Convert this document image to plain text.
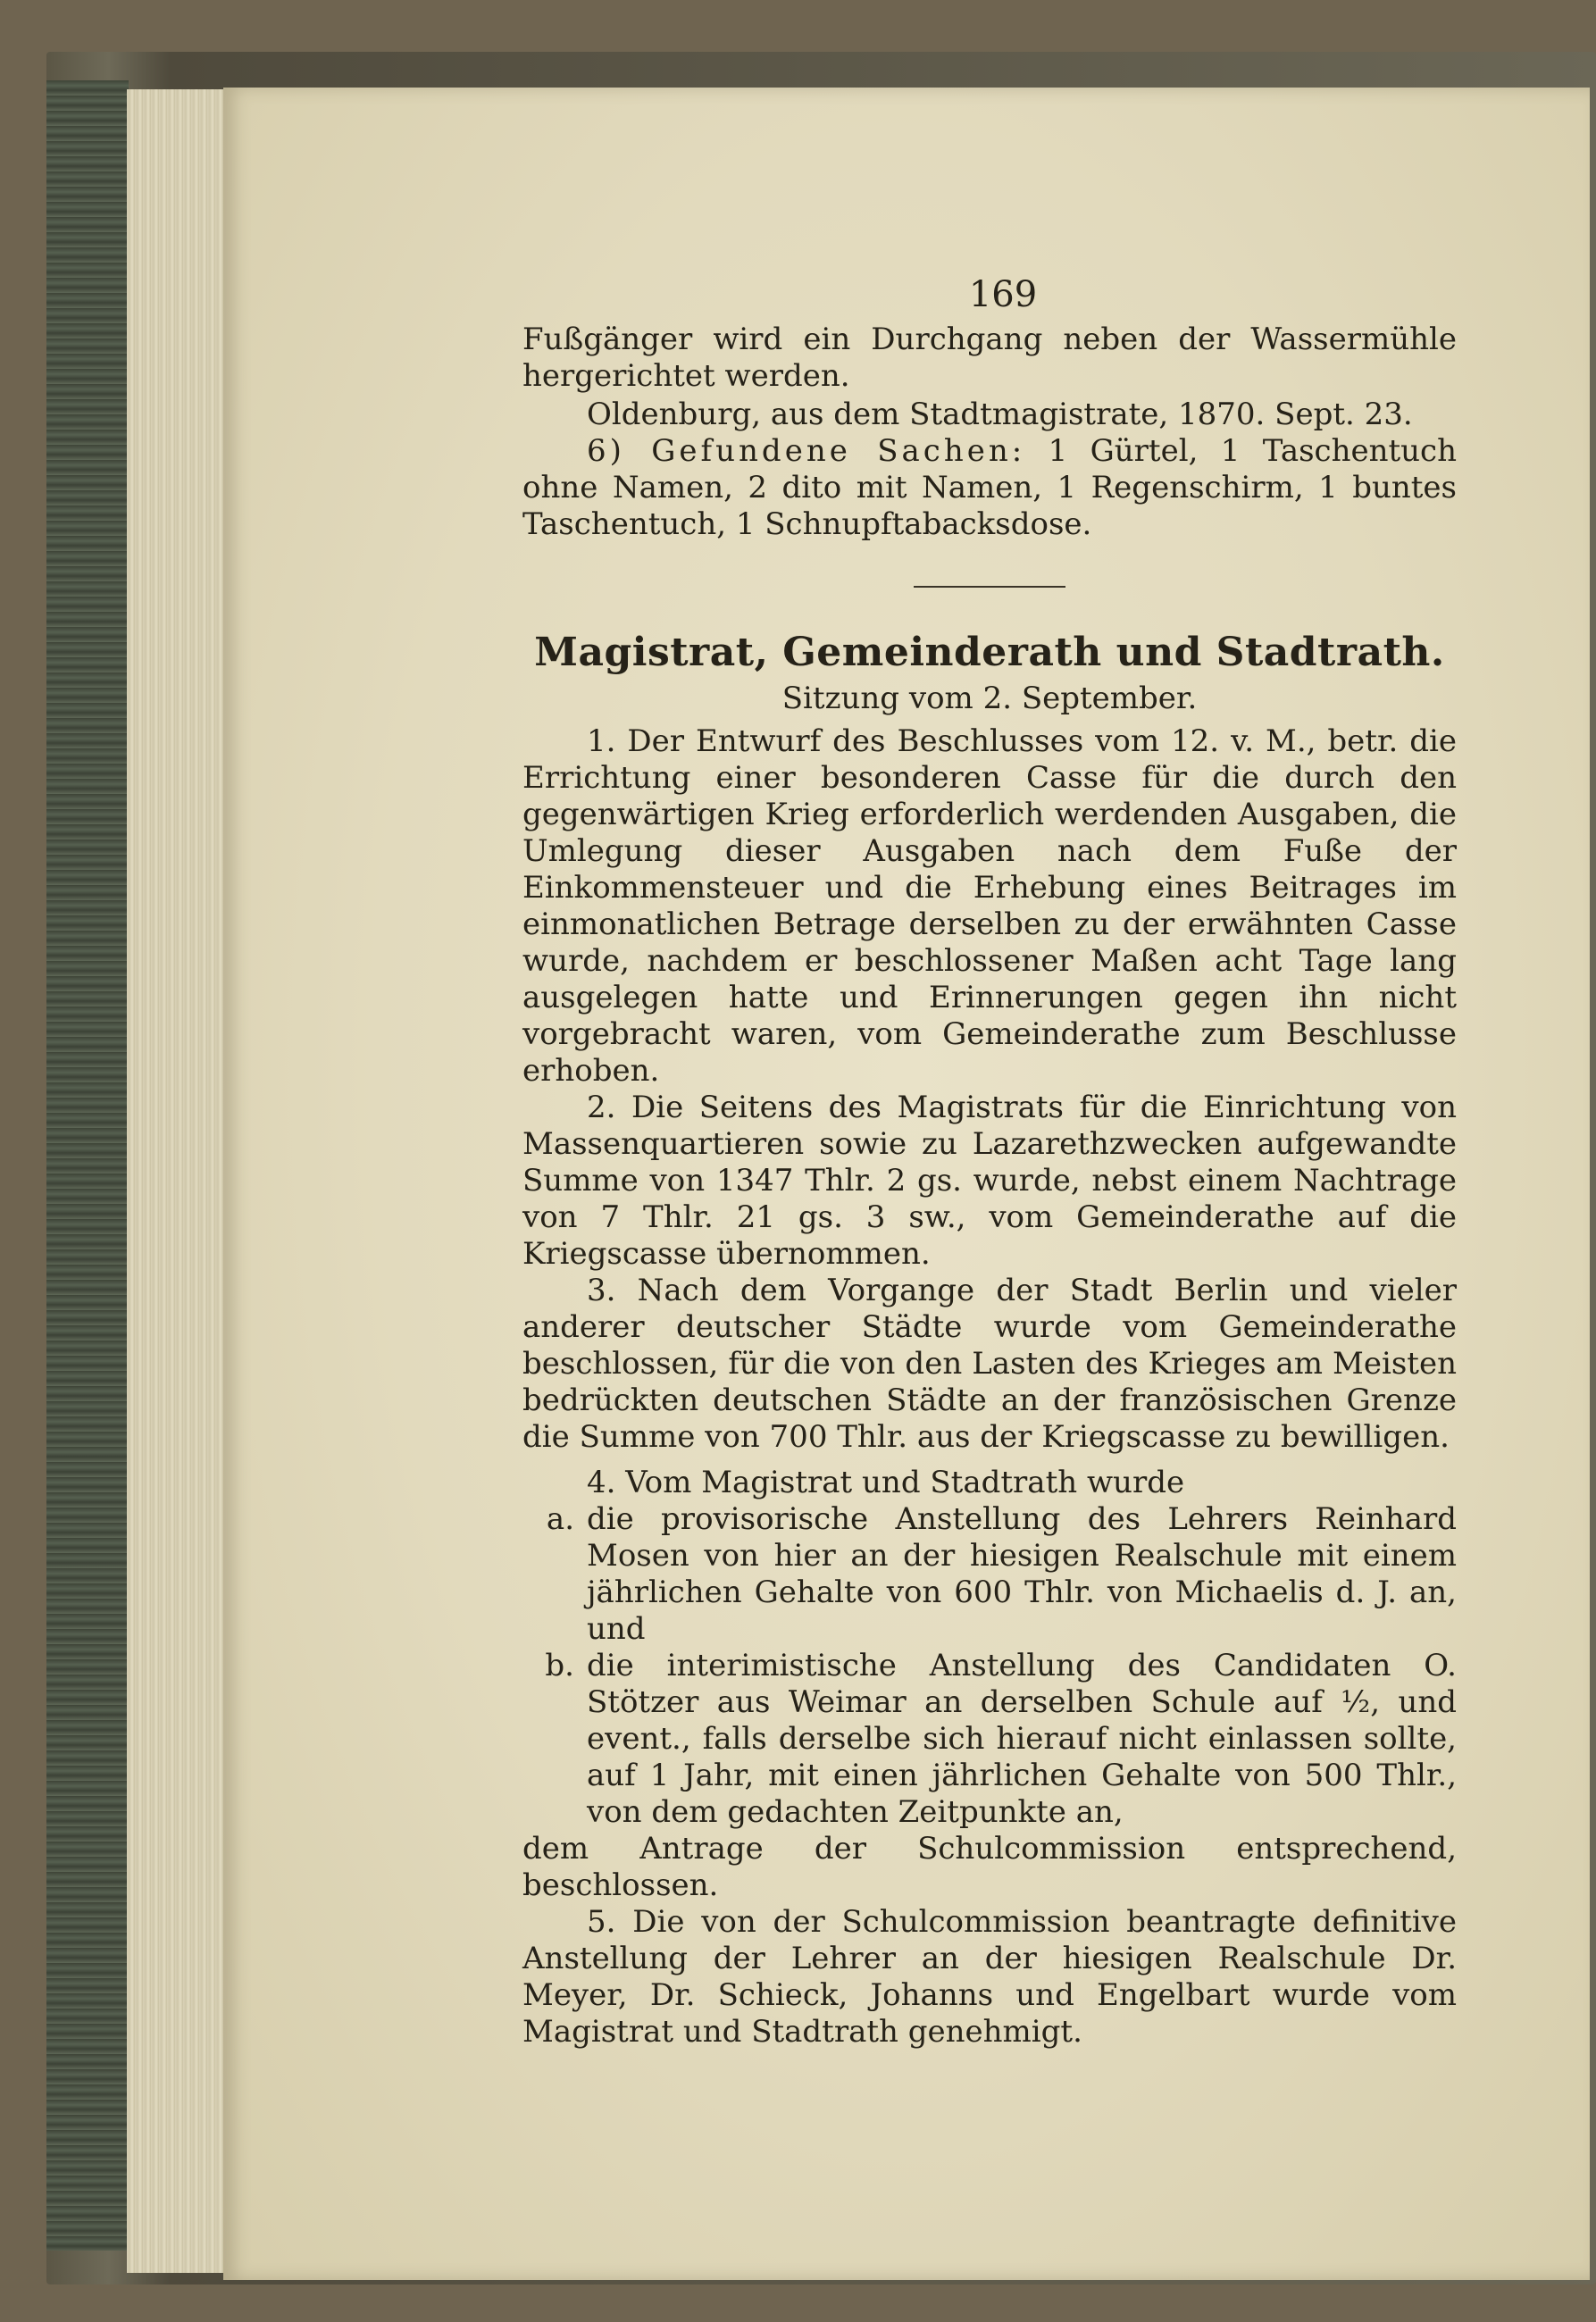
169

Fußgänger wird ein Durchgang neben der Wassermühle hergerichtet werden.

Oldenburg, aus dem Stadtmagistrate, 1870. Sept. 23.

6) Gefundene Sachen: 1 Gürtel, 1 Taschentuch ohne Namen, 2 dito mit Namen, 1 Regenschirm, 1 buntes Taschentuch, 1 Schnupftabacksdose.

Magistrat, Gemeinderath und Stadtrath.
Sitzung vom 2. September.

1. Der Entwurf des Beschlusses vom 12. v. M., betr. die Errichtung einer besonderen Casse für die durch den gegenwärtigen Krieg erforderlich werdenden Ausgaben, die Umlegung dieser Ausgaben nach dem Fuße der Einkommensteuer und die Erhebung eines Beitrages im einmonatlichen Betrage derselben zu der erwähnten Casse wurde, nachdem er beschlossener Maßen acht Tage lang ausgelegen hatte und Erinnerungen gegen ihn nicht vorgebracht waren, vom Gemeinderathe zum Beschlusse erhoben.

2. Die Seitens des Magistrats für die Einrichtung von Massenquartieren sowie zu Lazarethzwecken aufgewandte Summe von 1347 Thlr. 2 gs. wurde, nebst einem Nachtrage von 7 Thlr. 21 gs. 3 sw., vom Gemeinderathe auf die Kriegscasse übernommen.

3. Nach dem Vorgange der Stadt Berlin und vieler anderer deutscher Städte wurde vom Gemeinderathe beschlossen, für die von den Lasten des Krieges am Meisten bedrückten deutschen Städte an der französischen Grenze die Summe von 700 Thlr. aus der Kriegscasse zu bewilligen.

4. Vom Magistrat und Stadtrath wurde

a. die provisorische Anstellung des Lehrers Reinhard Mosen von hier an der hiesigen Realschule mit einem jährlichen Gehalte von 600 Thlr. von Michaelis d. J. an, und
b. die interimistische Anstellung des Candidaten O. Stötzer aus Weimar an derselben Schule auf ½, und event., falls derselbe sich hierauf nicht einlassen sollte, auf 1 Jahr, mit einen jährlichen Gehalte von 500 Thlr., von dem gedachten Zeitpunkte an,

dem Antrage der Schulcommission entsprechend, beschlossen.

5. Die von der Schulcommission beantragte definitive Anstellung der Lehrer an der hiesigen Realschule Dr. Meyer, Dr. Schieck, Johanns und Engelbart wurde vom Magistrat und Stadtrath genehmigt.
